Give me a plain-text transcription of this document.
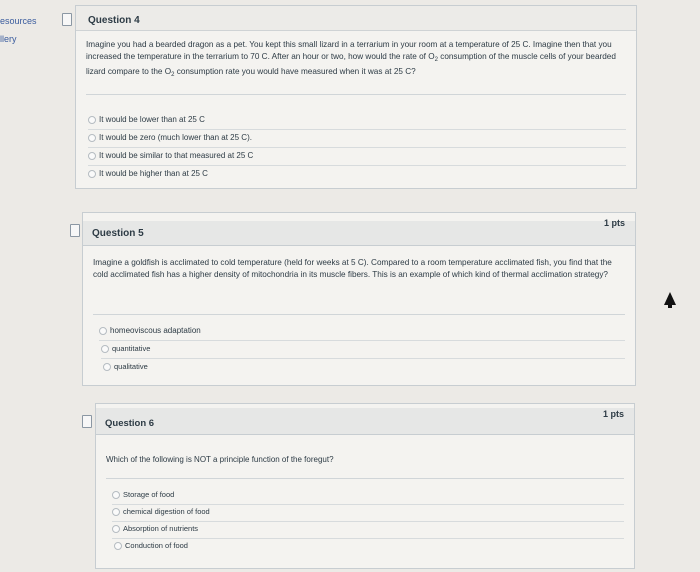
esources
llery
Question 4
Imagine you had a bearded dragon as a pet. You kept this small lizard in a terrarium in your room at a temperature of 25 C. Imagine then that you increased the temperature in the terrarium to 70 C. After an hour or two, how would the rate of $O_2$ consumption of the muscle cells of your bearded lizard compare to the $O_2$ consumption rate you would have measured when it was at 25 C?
It would be lower than at 25 C
It would be zero (much lower than at 25 C).
It would be similar to that measured at 25 C
It would be higher than at 25 C
Question 5
1 pts
Imagine a goldfish is acclimated to cold temperature (held for weeks at 5 C). Compared to a room temperature acclimated fish, you find that the cold acclimated fish has a higher density of mitochondria in its muscle fibers. This is an example of which kind of thermal acclimation strategy?
homeoviscous adaptation
quantitative
qualitative
Question 6
1 pts
Which of the following is NOT a principle function of the foregut?
Storage of food
chemical digestion of food
Absorption of nutrients
Conduction of food
